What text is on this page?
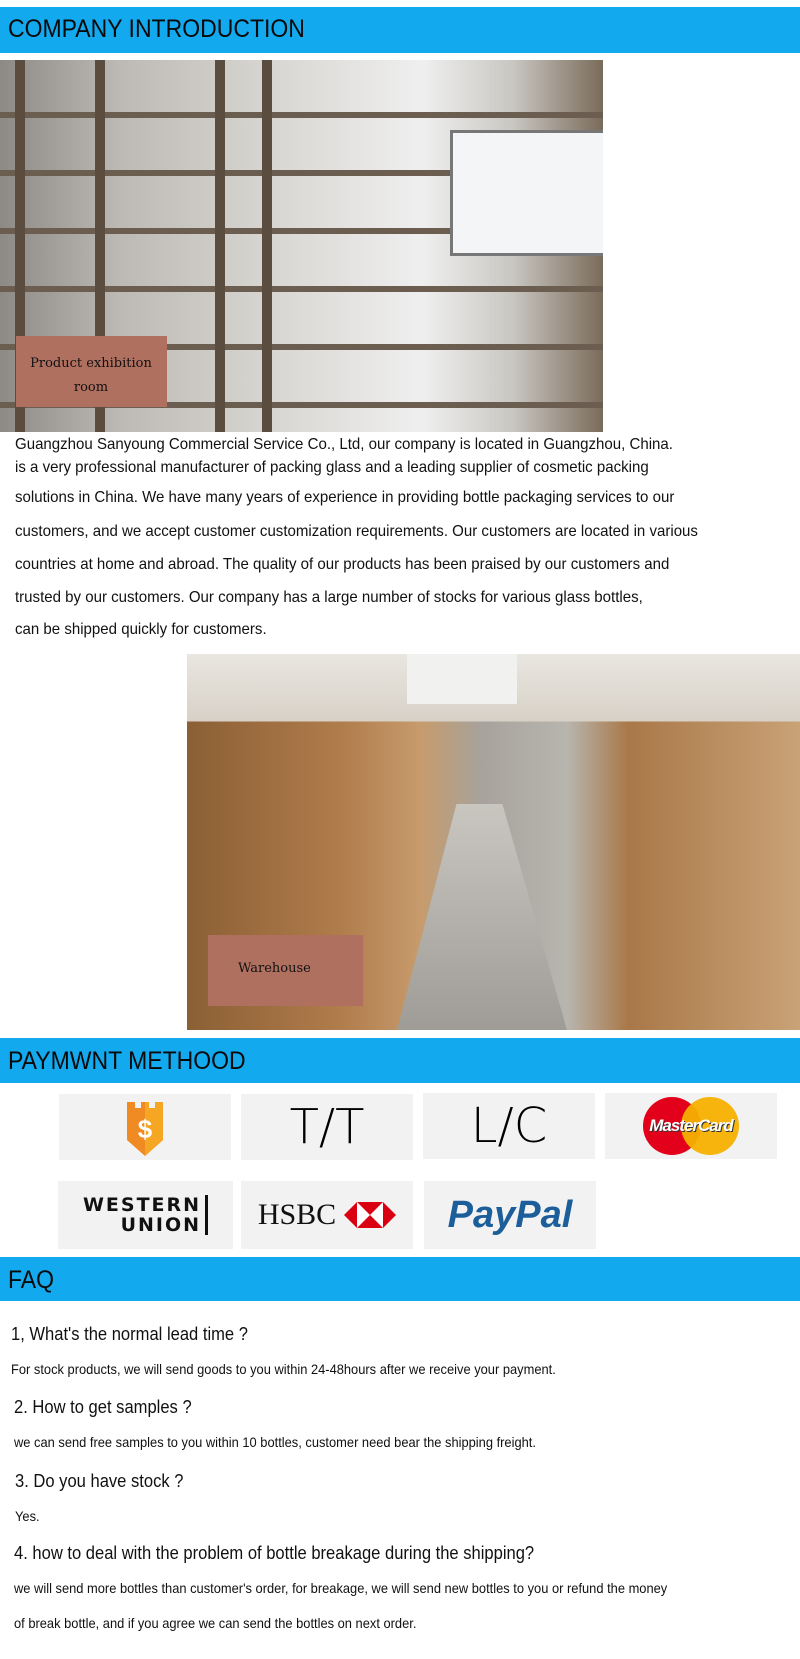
COMPANY INTRODUCTION
Product exhibition room
Guangzhou Sanyoung Commercial Service Co., Ltd, our company is located in Guangzhou, China.
is a very professional manufacturer of packing glass and a leading supplier of cosmetic packing
solutions in China. We have many years of experience in providing bottle packaging services to our
customers, and we accept customer customization requirements. Our customers are located in various
countries at home and abroad. The quality of our products has been praised by our customers and
trusted by our customers. Our company has a large number of stocks for various glass bottles,
can be shipped quickly for customers.
Warehouse
PAYMWNT METHOOD
$	T/T L/C	MasterCard
WESTERN
UNION HSBC	PayPal
FAQ
1, What's the normal lead time ?
For stock products, we will send goods to you within 24-48hours after we receive your payment.
2. How to get samples ?
we can send free samples to you within 10 bottles, customer need bear the shipping freight.
3. Do you have stock ?
Yes.
4. how to deal with the problem of bottle breakage during the shipping?
we will send more bottles than customer's order, for breakage, we will send new bottles to you or refund the money
of break bottle, and if you agree we can send the bottles on next order.
